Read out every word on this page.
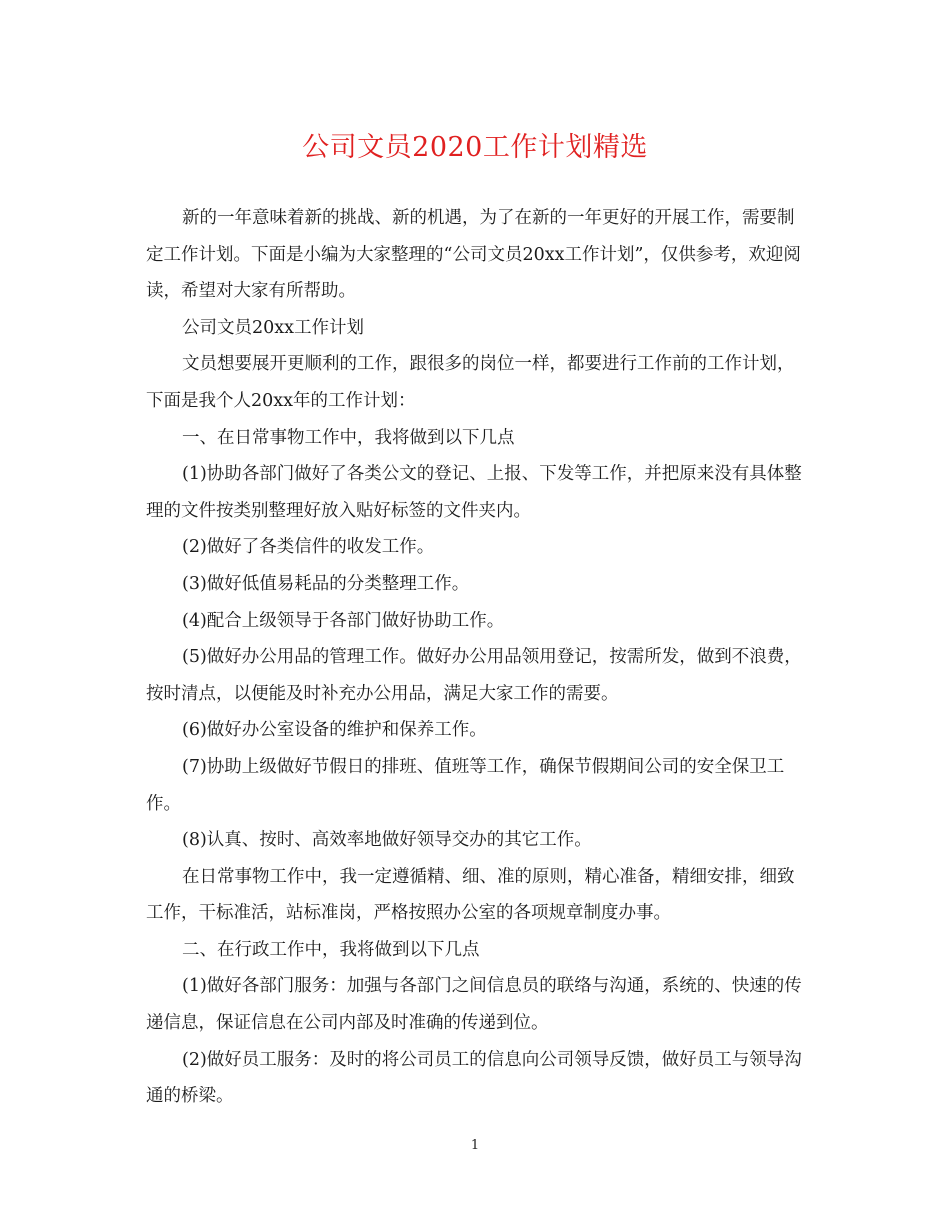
公司文员2020工作计划精选

新的一年意味着新的挑战、新的机遇，为了在新的一年更好的开展工作，需要制定工作计划。下面是小编为大家整理的“公司文员20xx工作计划”，仅供参考，欢迎阅读，希望对大家有所帮助。

公司文员20xx工作计划

文员想要展开更顺利的工作，跟很多的岗位一样，都要进行工作前的工作计划，下面是我个人20xx年的工作计划：

一、在日常事物工作中，我将做到以下几点

(1)协助各部门做好了各类公文的登记、上报、下发等工作，并把原来没有具体整理的文件按类别整理好放入贴好标签的文件夹内。

(2)做好了各类信件的收发工作。

(3)做好低值易耗品的分类整理工作。

(4)配合上级领导于各部门做好协助工作。

(5)做好办公用品的管理工作。做好办公用品领用登记，按需所发，做到不浪费，按时清点，以便能及时补充办公用品，满足大家工作的需要。

(6)做好办公室设备的维护和保养工作。

(7)协助上级做好节假日的排班、值班等工作，确保节假期间公司的安全保卫工作。

(8)认真、按时、高效率地做好领导交办的其它工作。

在日常事物工作中，我一定遵循精、细、准的原则，精心准备，精细安排，细致工作，干标准活，站标准岗，严格按照办公室的各项规章制度办事。

二、在行政工作中，我将做到以下几点

(1)做好各部门服务：加强与各部门之间信息员的联络与沟通，系统的、快速的传递信息，保证信息在公司内部及时准确的传递到位。

(2)做好员工服务：及时的将公司员工的信息向公司领导反馈，做好员工与领导沟通的桥梁。

1
